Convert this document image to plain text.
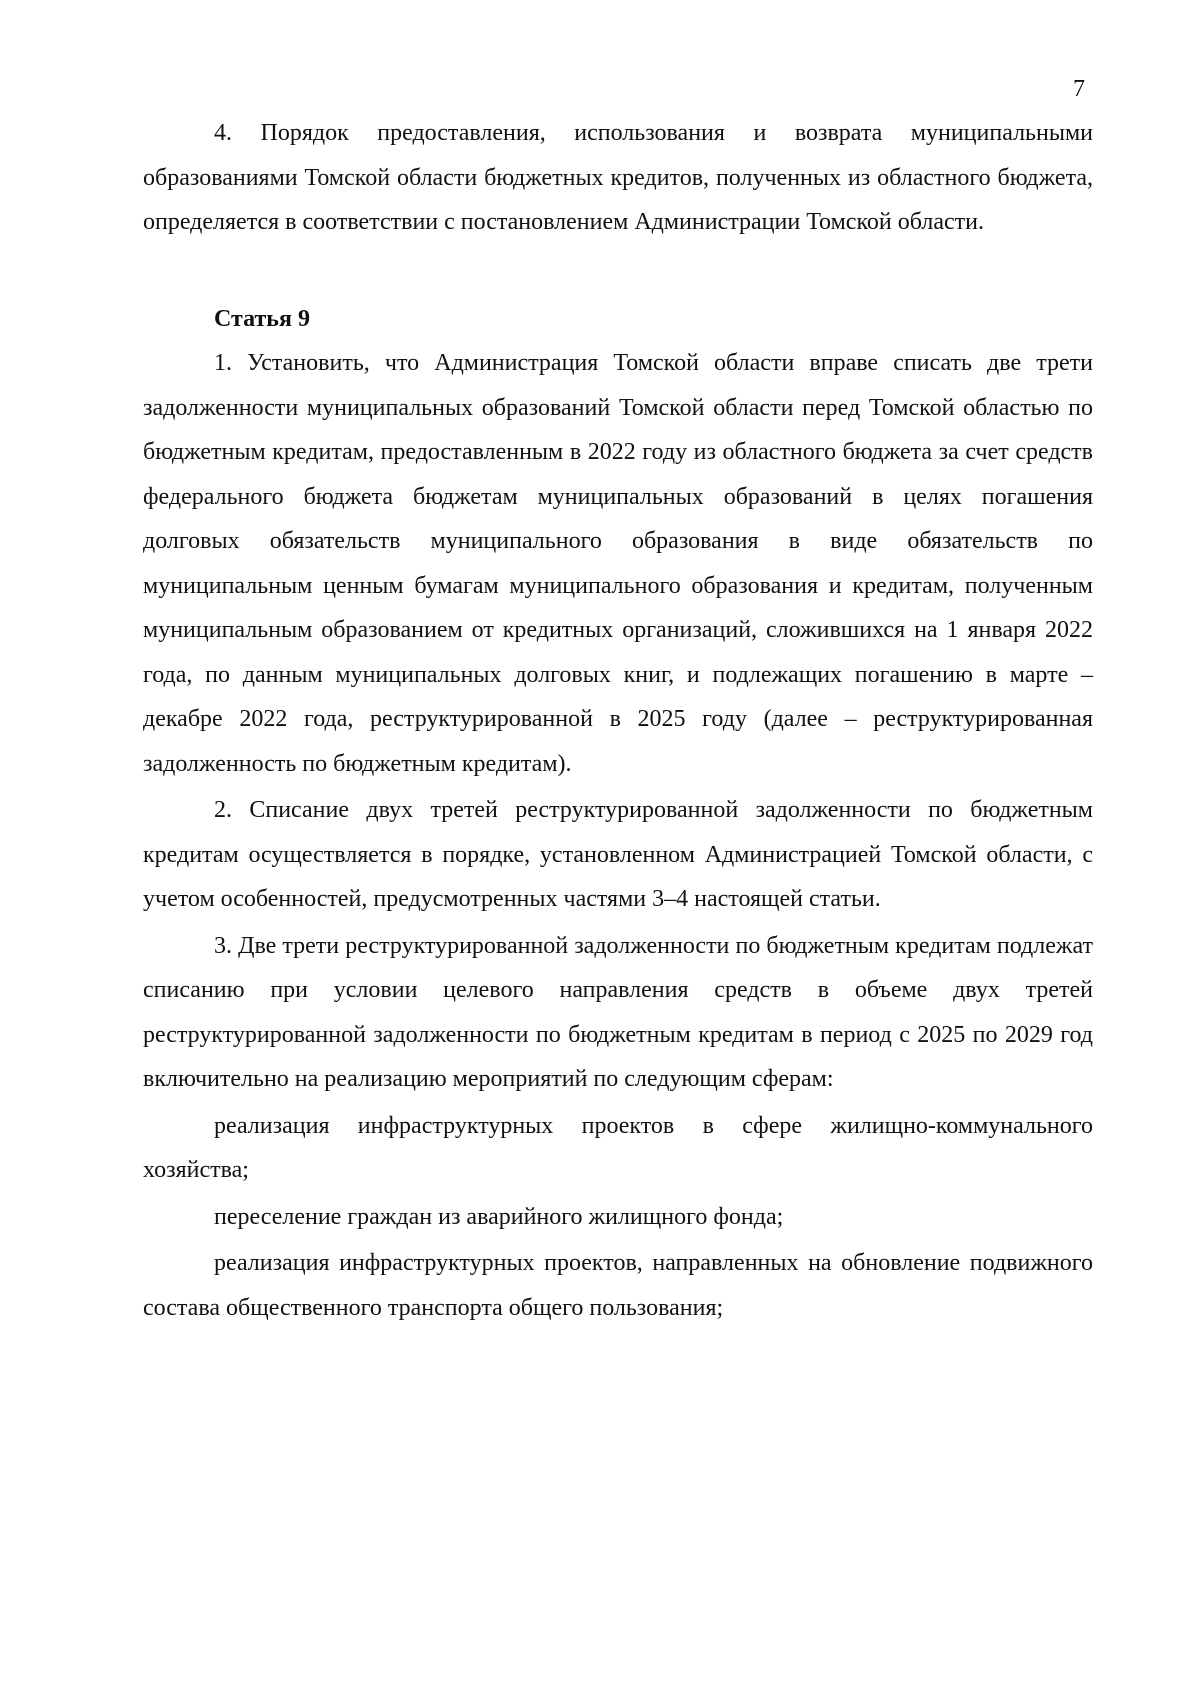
7

4. Порядок предоставления, использования и возврата муниципальными образованиями Томской области бюджетных кредитов, полученных из областного бюджета, определяется в соответствии с постановлением Администрации Томской области.

Статья 9

1. Установить, что Администрация Томской области вправе списать две трети задолженности муниципальных образований Томской области перед Томской областью по бюджетным кредитам, предоставленным в 2022 году из областного бюджета за счет средств федерального бюджета бюджетам муниципальных образований в целях погашения долговых обязательств муниципального образования в виде обязательств по муниципальным ценным бумагам муниципального образования и кредитам, полученным муниципальным образованием от кредитных организаций, сложившихся на 1 января 2022 года, по данным муниципальных долговых книг, и подлежащих погашению в марте – декабре 2022 года, реструктурированной в 2025 году (далее – реструктурированная задолженность по бюджетным кредитам).

2. Списание двух третей реструктурированной задолженности по бюджетным кредитам осуществляется в порядке, установленном Администрацией Томской области, с учетом особенностей, предусмотренных частями 3–4 настоящей статьи.

3. Две трети реструктурированной задолженности по бюджетным кредитам подлежат списанию при условии целевого направления средств в объеме двух третей реструктурированной задолженности по бюджетным кредитам в период с 2025 по 2029 год включительно на реализацию мероприятий по следующим сферам:

реализация инфраструктурных проектов в сфере жилищно-коммунального хозяйства;

переселение граждан из аварийного жилищного фонда;

реализация инфраструктурных проектов, направленных на обновление подвижного состава общественного транспорта общего пользования;
